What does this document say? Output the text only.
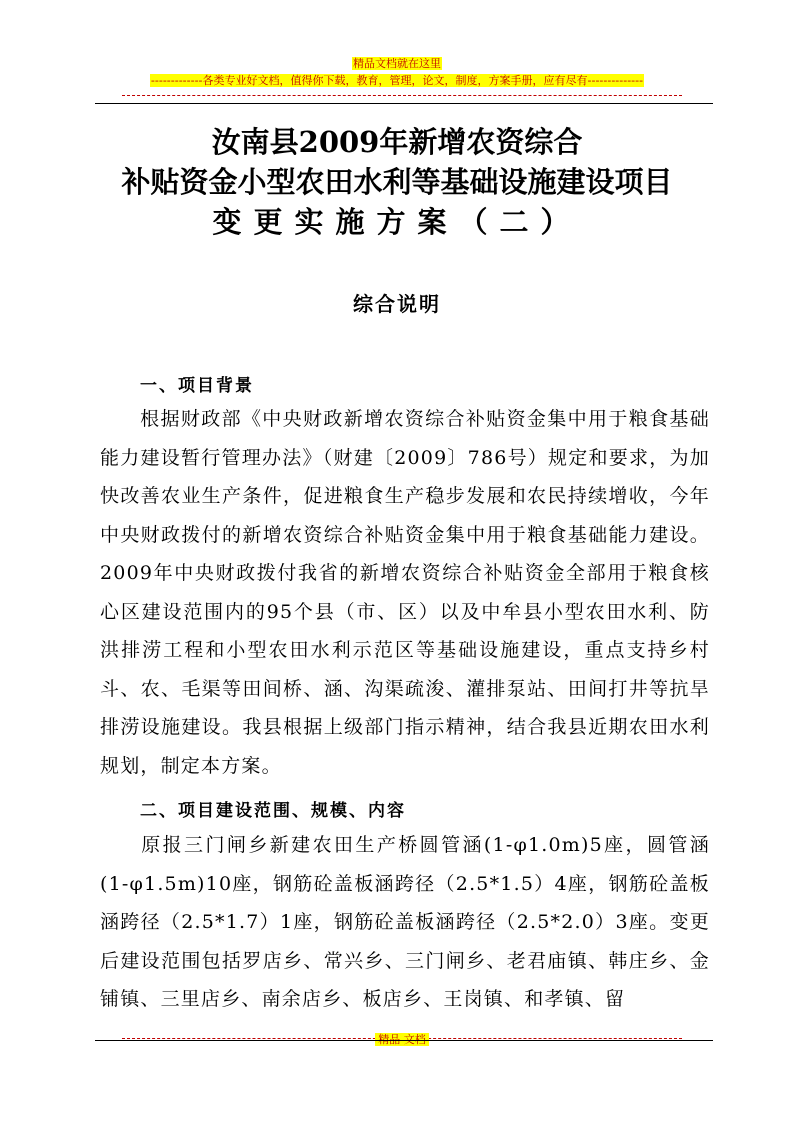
精品文档就在这里
-------------各类专业好文档，值得你下载，教育，管理，论文，制度，方案手册，应有尽有--------------
汝南县2009年新增农资综合
补贴资金小型农田水利等基础设施建设项目
变更实施方案（二）
综合说明
一、项目背景
根据财政部《中央财政新增农资综合补贴资金集中用于粮食基础能力建设暂行管理办法》（财建〔2009〕786号）规定和要求，为加快改善农业生产条件，促进粮食生产稳步发展和农民持续增收，今年中央财政拨付的新增农资综合补贴资金集中用于粮食基础能力建设。2009年中央财政拨付我省的新增农资综合补贴资金全部用于粮食核心区建设范围内的95个县（市、区）以及中牟县小型农田水利、防洪排涝工程和小型农田水利示范区等基础设施建设，重点支持乡村斗、农、毛渠等田间桥、涵、沟渠疏浚、灌排泵站、田间打井等抗旱排涝设施建设。我县根据上级部门指示精神，结合我县近期农田水利规划，制定本方案。
二、项目建设范围、规模、内容
原报三门闸乡新建农田生产桥圆管涵(1-φ1.0m)5座，圆管涵(1-φ1.5m)10座，钢筋砼盖板涵跨径（2.5*1.5）4座，钢筋砼盖板涵跨径（2.5*1.7）1座，钢筋砼盖板涵跨径（2.5*2.0）3座。变更后建设范围包括罗店乡、常兴乡、三门闸乡、老君庙镇、韩庄乡、金铺镇、三里店乡、南余店乡、板店乡、王岗镇、和孝镇、留
精品 文档
